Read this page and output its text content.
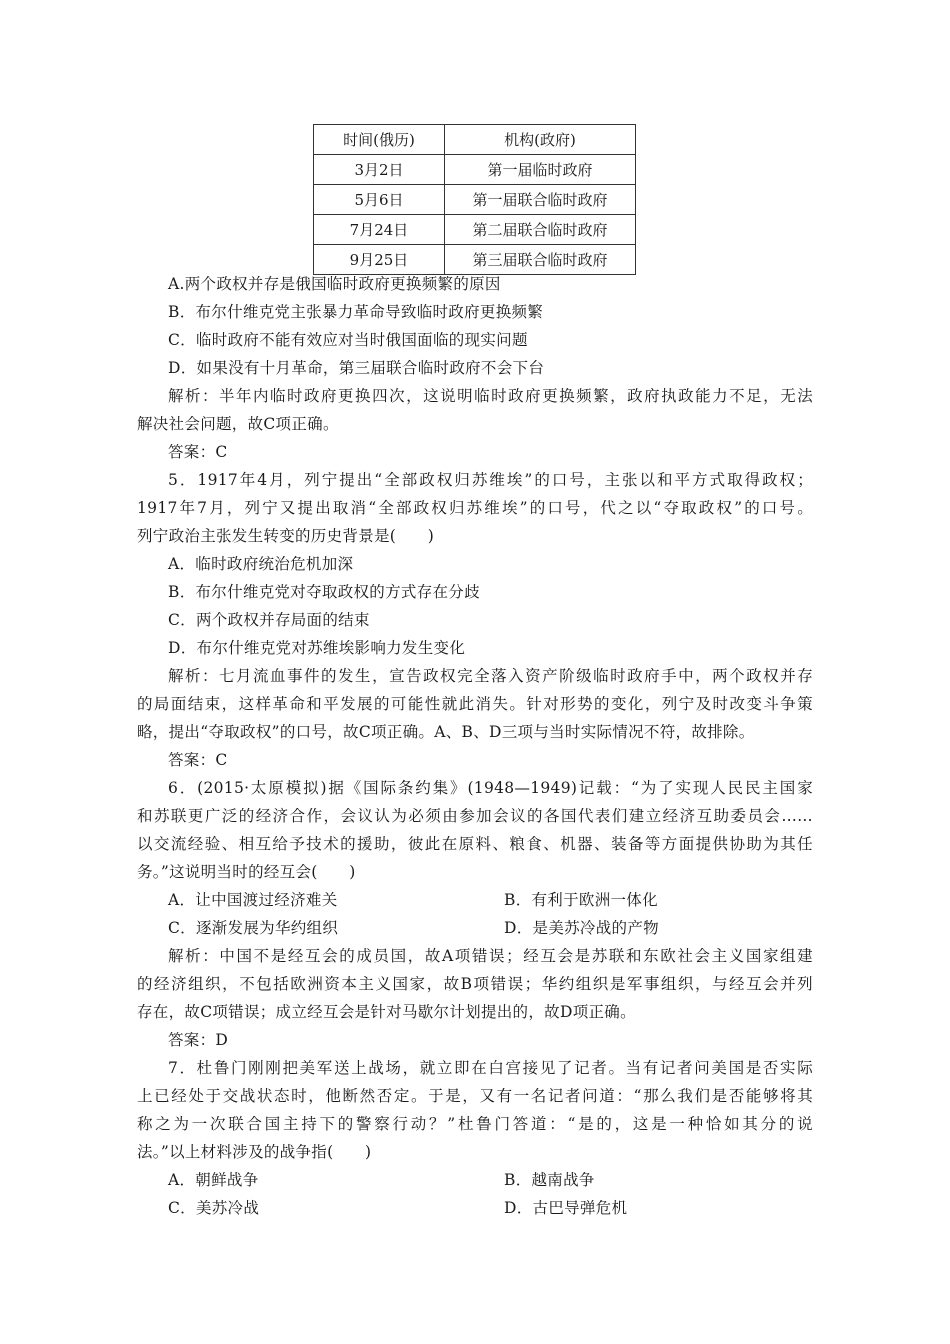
时间(俄历)	机构(政府)
3月2日	第一届临时政府
5月6日	第一届联合临时政府
7月24日	第二届联合临时政府
9月25日	第三届联合临时政府
A.两个政权并存是俄国临时政府更换频繁的原因
B．布尔什维克党主张暴力革命导致临时政府更换频繁
C．临时政府不能有效应对当时俄国面临的现实问题
D．如果没有十月革命，第三届联合临时政府不会下台
解析：半年内临时政府更换四次，这说明临时政府更换频繁，政府执政能力不足，无法
解决社会问题，故C项正确。
答案：C
5．1917年4月，列宁提出“全部政权归苏维埃”的口号，主张以和平方式取得政权；
1917年7月，列宁又提出取消“全部政权归苏维埃”的口号，代之以“夺取政权”的口号。
列宁政治主张发生转变的历史背景是(　　)
A．临时政府统治危机加深
B．布尔什维克党对夺取政权的方式存在分歧
C．两个政权并存局面的结束
D．布尔什维克党对苏维埃影响力发生变化
解析：七月流血事件的发生，宣告政权完全落入资产阶级临时政府手中，两个政权并存
的局面结束，这样革命和平发展的可能性就此消失。针对形势的变化，列宁及时改变斗争策
略，提出“夺取政权”的口号，故C项正确。A、B、D三项与当时实际情况不符，故排除。
答案：C
6．(2015·太原模拟)据《国际条约集》(1948—1949)记载：“为了实现人民民主国家
和苏联更广泛的经济合作，会议认为必须由参加会议的各国代表们建立经济互助委员会……
以交流经验、相互给予技术的援助，彼此在原料、粮食、机器、装备等方面提供协助为其任
务。”这说明当时的经互会(　　)
A．让中国渡过经济难关	B．有利于欧洲一体化
C．逐渐发展为华约组织	D．是美苏冷战的产物
解析：中国不是经互会的成员国，故A项错误；经互会是苏联和东欧社会主义国家组建
的经济组织，不包括欧洲资本主义国家，故B项错误；华约组织是军事组织，与经互会并列
存在，故C项错误；成立经互会是针对马歇尔计划提出的，故D项正确。
答案：D
7．杜鲁门刚刚把美军送上战场，就立即在白宫接见了记者。当有记者问美国是否实际
上已经处于交战状态时，他断然否定。于是，又有一名记者问道：“那么我们是否能够将其
称之为一次联合国主持下的警察行动？”杜鲁门答道：“是的，这是一种恰如其分的说
法。”以上材料涉及的战争指(　　)
A．朝鲜战争	B．越南战争
C．美苏冷战	D．古巴导弹危机
